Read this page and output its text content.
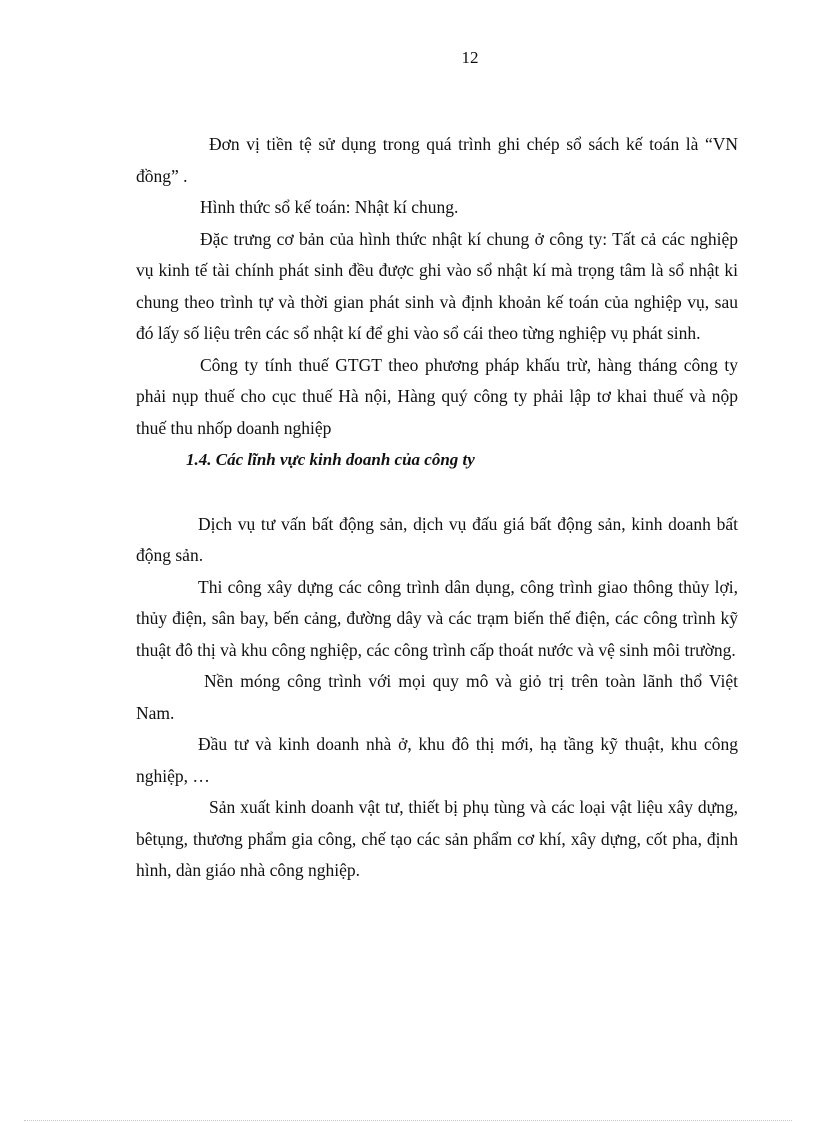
12

Đơn vị tiền tệ sử dụng trong quá trình ghi chép sổ sách kế toán là “VN đồng” .

Hình thức sổ kế toán: Nhật kí chung.

Đặc trưng cơ bản của hình thức nhật kí chung ở công ty: Tất cả các nghiệp vụ kinh tế tài chính phát sinh đều được ghi vào sổ nhật kí mà trọng tâm là sổ nhật ki chung theo trình tự và thời gian phát sinh và định khoản kế toán của nghiệp vụ, sau đó lấy số liệu trên các sổ nhật kí để ghi vào sổ cái theo từng nghiệp vụ phát sinh.

Công ty tính thuế GTGT theo phương pháp khấu trừ, hàng tháng công ty phải nụp thuế cho cục thuế Hà nội, Hàng quý công ty phải lập tơ khai thuế và nộp thuế thu nhốp doanh nghiệp

1.4. Các lĩnh vực kinh doanh của công ty

Dịch vụ tư vấn bất động sản, dịch vụ đấu giá bất động sản, kinh doanh bất động sản.

Thi công xây dựng các công trình dân dụng, công trình giao thông thủy lợi, thủy điện, sân bay, bến cảng, đường dây và các trạm biến thế điện, các công trình kỹ thuật đô thị và khu công nghiệp, các công trình cấp thoát nước và vệ sinh môi trường.

Nền móng công trình với mọi quy mô và giỏ trị trên toàn lãnh thổ Việt Nam.

Đầu tư và kinh doanh nhà ở, khu đô thị mới, hạ tầng kỹ thuật, khu công nghiệp, …

Sản xuất kinh doanh vật tư, thiết bị phụ tùng và các loại vật liệu xây dựng, bêtụng, thương phẩm gia công, chế tạo các sản phẩm cơ khí, xây dựng, cốt pha, định hình, dàn giáo nhà công nghiệp.
